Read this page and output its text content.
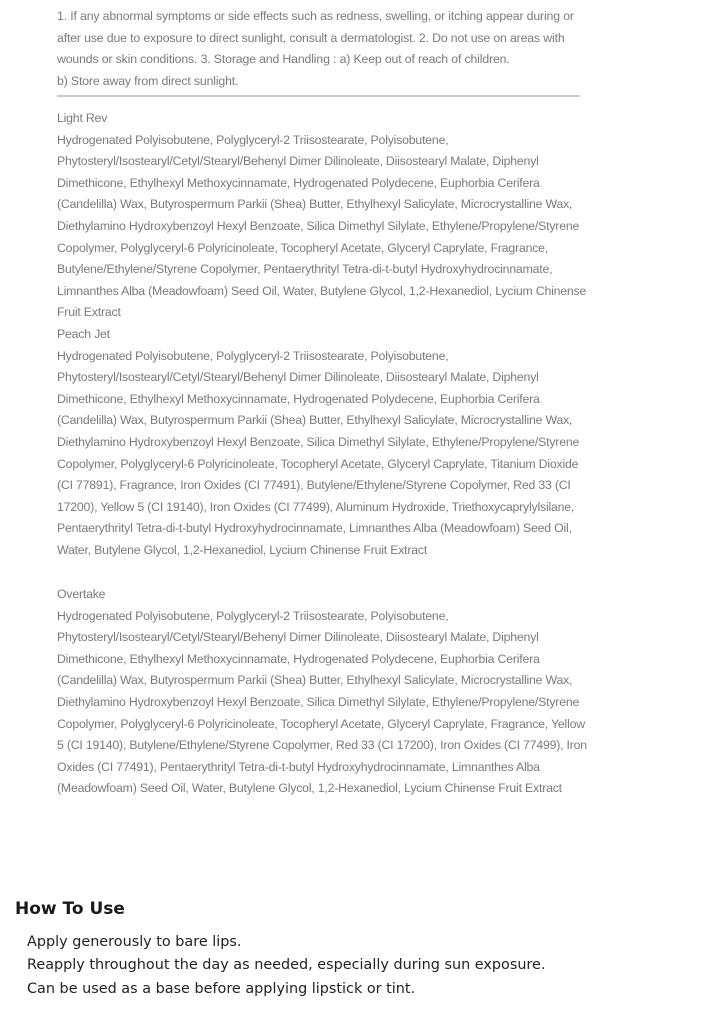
1. If any abnormal symptoms or side effects such as redness, swelling, or itching appear during or after use due to exposure to direct sunlight, consult a dermatologist. 2. Do not use on areas with wounds or skin conditions. 3. Storage and Handling : a) Keep out of reach of children.

b) Store away from direct sunlight.

Light Rev

Hydrogenated Polyisobutene, Polyglyceryl-2 Triisostearate, Polyisobutene, Phytosteryl/Isostearyl/Cetyl/Stearyl/Behenyl Dimer Dilinoleate, Diisostearyl Malate, Diphenyl Dimethicone, Ethylhexyl Methoxycinnamate, Hydrogenated Polydecene, Euphorbia Cerifera (Candelilla) Wax, Butyrospermum Parkii (Shea) Butter, Ethylhexyl Salicylate, Microcrystalline Wax, Diethylamino Hydroxybenzoyl Hexyl Benzoate, Silica Dimethyl Silylate, Ethylene/Propylene/Styrene Copolymer, Polyglyceryl-6 Polyricinoleate, Tocopheryl Acetate, Glyceryl Caprylate, Fragrance, Butylene/Ethylene/Styrene Copolymer, Pentaerythrityl Tetra-di-t-butyl Hydroxyhydrocinnamate, Limnanthes Alba (Meadowfoam) Seed Oil, Water, Butylene Glycol, 1,2-Hexanediol, Lycium Chinense Fruit Extract

Peach Jet

Hydrogenated Polyisobutene, Polyglyceryl-2 Triisostearate, Polyisobutene, Phytosteryl/Isostearyl/Cetyl/Stearyl/Behenyl Dimer Dilinoleate, Diisostearyl Malate, Diphenyl Dimethicone, Ethylhexyl Methoxycinnamate, Hydrogenated Polydecene, Euphorbia Cerifera (Candelilla) Wax, Butyrospermum Parkii (Shea) Butter, Ethylhexyl Salicylate, Microcrystalline Wax, Diethylamino Hydroxybenzoyl Hexyl Benzoate, Silica Dimethyl Silylate, Ethylene/Propylene/Styrene Copolymer, Polyglyceryl-6 Polyricinoleate, Tocopheryl Acetate, Glyceryl Caprylate, Titanium Dioxide (CI 77891), Fragrance, Iron Oxides (CI 77491), Butylene/Ethylene/Styrene Copolymer, Red 33 (CI 17200), Yellow 5 (CI 19140), Iron Oxides (CI 77499), Aluminum Hydroxide, Triethoxycaprylylsilane, Pentaerythrityl Tetra-di-t-butyl Hydroxyhydrocinnamate, Limnanthes Alba (Meadowfoam) Seed Oil, Water, Butylene Glycol, 1,2-Hexanediol, Lycium Chinense Fruit Extract

Overtake

Hydrogenated Polyisobutene, Polyglyceryl-2 Triisostearate, Polyisobutene, Phytosteryl/Isostearyl/Cetyl/Stearyl/Behenyl Dimer Dilinoleate, Diisostearyl Malate, Diphenyl Dimethicone, Ethylhexyl Methoxycinnamate, Hydrogenated Polydecene, Euphorbia Cerifera (Candelilla) Wax, Butyrospermum Parkii (Shea) Butter, Ethylhexyl Salicylate, Microcrystalline Wax, Diethylamino Hydroxybenzoyl Hexyl Benzoate, Silica Dimethyl Silylate, Ethylene/Propylene/Styrene Copolymer, Polyglyceryl-6 Polyricinoleate, Tocopheryl Acetate, Glyceryl Caprylate, Fragrance, Yellow 5 (CI 19140), Butylene/Ethylene/Styrene Copolymer, Red 33 (CI 17200), Iron Oxides (CI 77499), Iron Oxides (CI 77491), Pentaerythrityl Tetra-di-t-butyl Hydroxyhydrocinnamate, Limnanthes Alba (Meadowfoam) Seed Oil, Water, Butylene Glycol, 1,2-Hexanediol, Lycium Chinense Fruit Extract

How To Use
Apply generously to bare lips.
Reapply throughout the day as needed, especially during sun exposure.
Can be used as a base before applying lipstick or tint.
